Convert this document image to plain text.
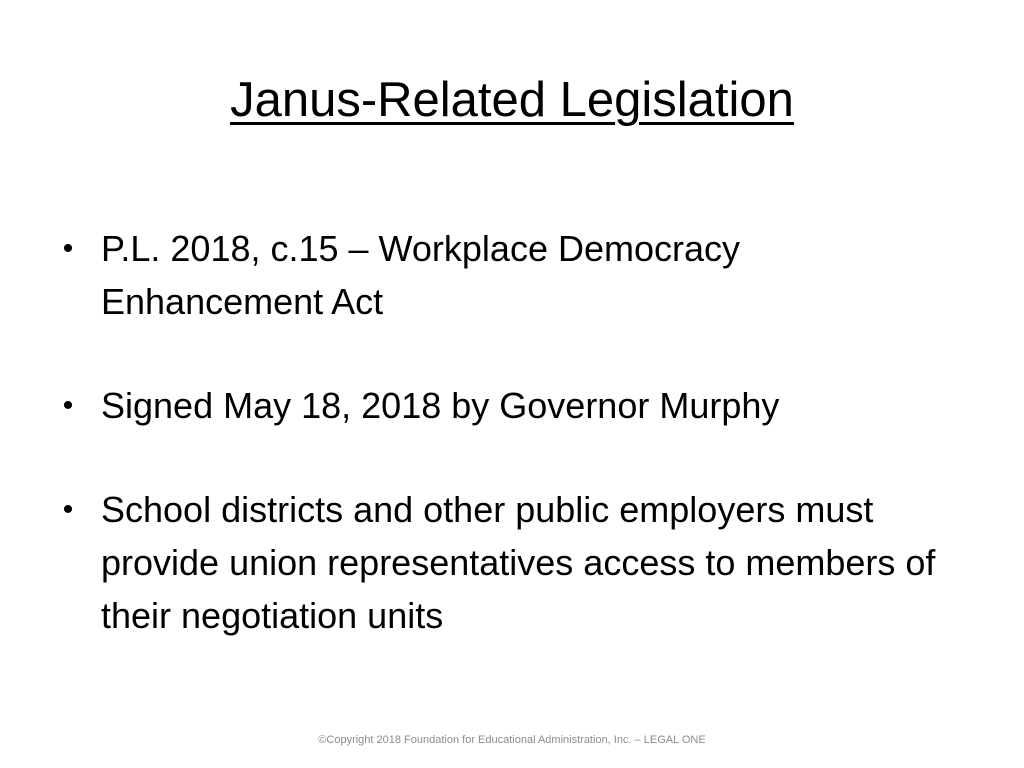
Janus-Related Legislation
• P.L. 2018, c.15 – Workplace Democracy Enhancement Act
• Signed May 18, 2018 by Governor Murphy
• School districts and other public employers must provide union representatives access to members of their negotiation units
©Copyright 2018 Foundation for Educational Administration, Inc. – LEGAL ONE
